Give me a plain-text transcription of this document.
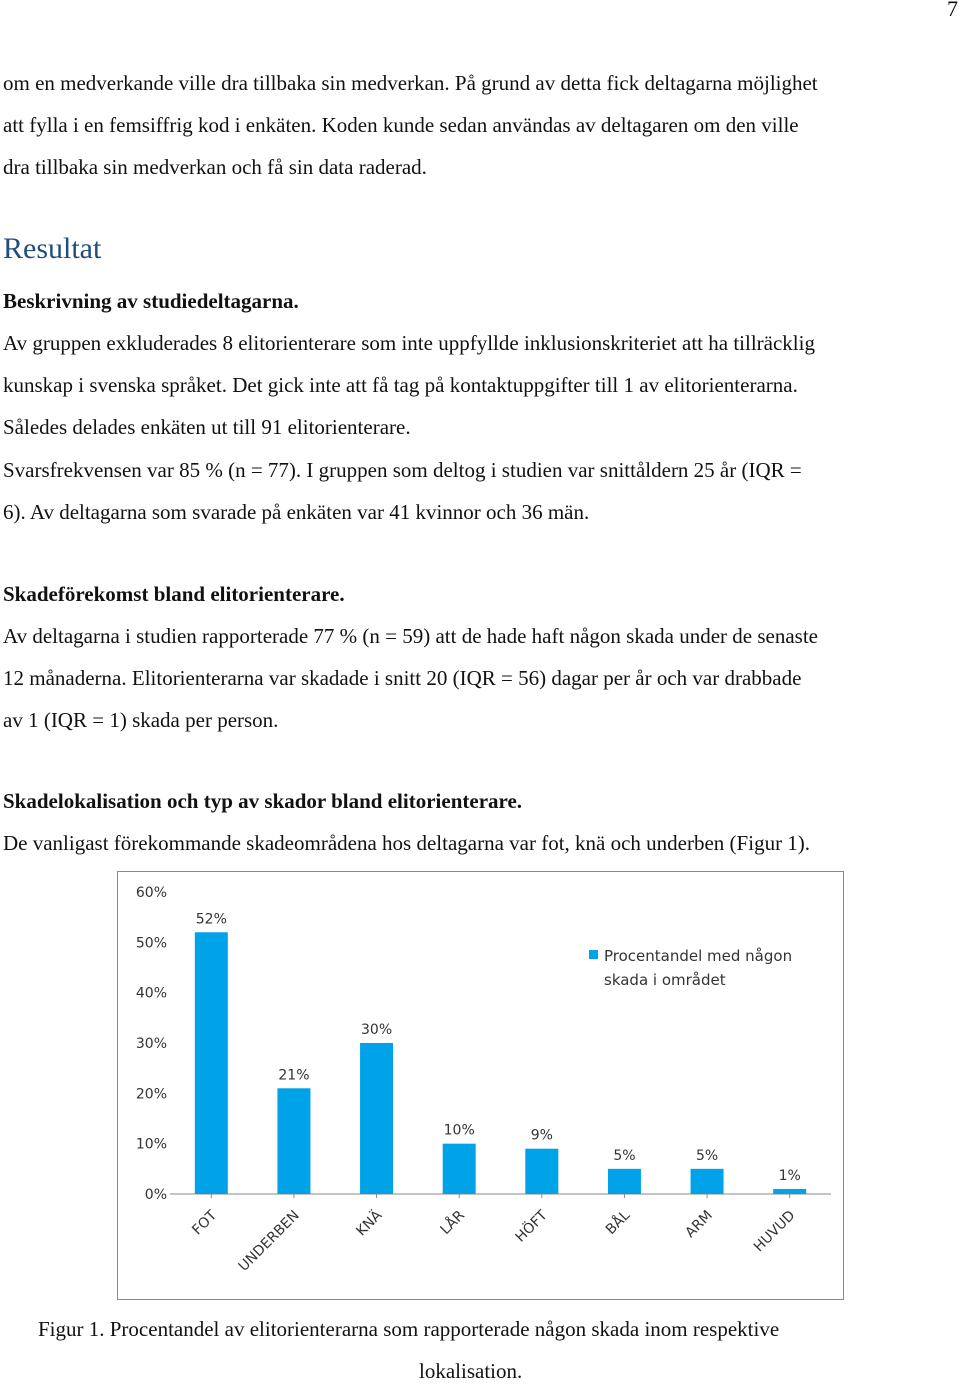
7
om en medverkande ville dra tillbaka sin medverkan. På grund av detta fick deltagarna möjlighet
att fylla i en femsiffrig kod i enkäten. Koden kunde sedan användas av deltagaren om den ville
dra tillbaka sin medverkan och få sin data raderad.
Resultat
Beskrivning av studiedeltagarna.
Av gruppen exkluderades 8 elitorienterare som inte uppfyllde inklusionskriteriet att ha tillräcklig
kunskap i svenska språket. Det gick inte att få tag på kontaktuppgifter till 1 av elitorienterarna.
Således delades enkäten ut till 91 elitorienterare.
Svarsfrekvensen var 85 % (n = 77). I gruppen som deltog i studien var snittåldern 25 år (IQR =
6). Av deltagarna som svarade på enkäten var 41 kvinnor och 36 män.
Skadeförekomst bland elitorienterare.
Av deltagarna i studien rapporterade 77 % (n = 59) att de hade haft någon skada under de senaste
12 månaderna. Elitorienterarna var skadade i snitt 20 (IQR = 56) dagar per år och var drabbade
av 1 (IQR = 1) skada per person.
Skadelokalisation och typ av skador bland elitorienterare.
De vanligast förekommande skadeområdena hos deltagarna var fot, knä och underben (Figur 1).
0%
10%
20%
30%
40%
50%
60%
52%
FOT
21%
UNDERBEN
30%
KNÄ
10%
LÅR
9%
HÖFT
5%
BÅL
5%
ARM
1%
HUVUD
Procentandel med någon
skada i området
Figur 1. Procentandel av elitorienterarna som rapporterade någon skada inom respektive
lokalisation.
